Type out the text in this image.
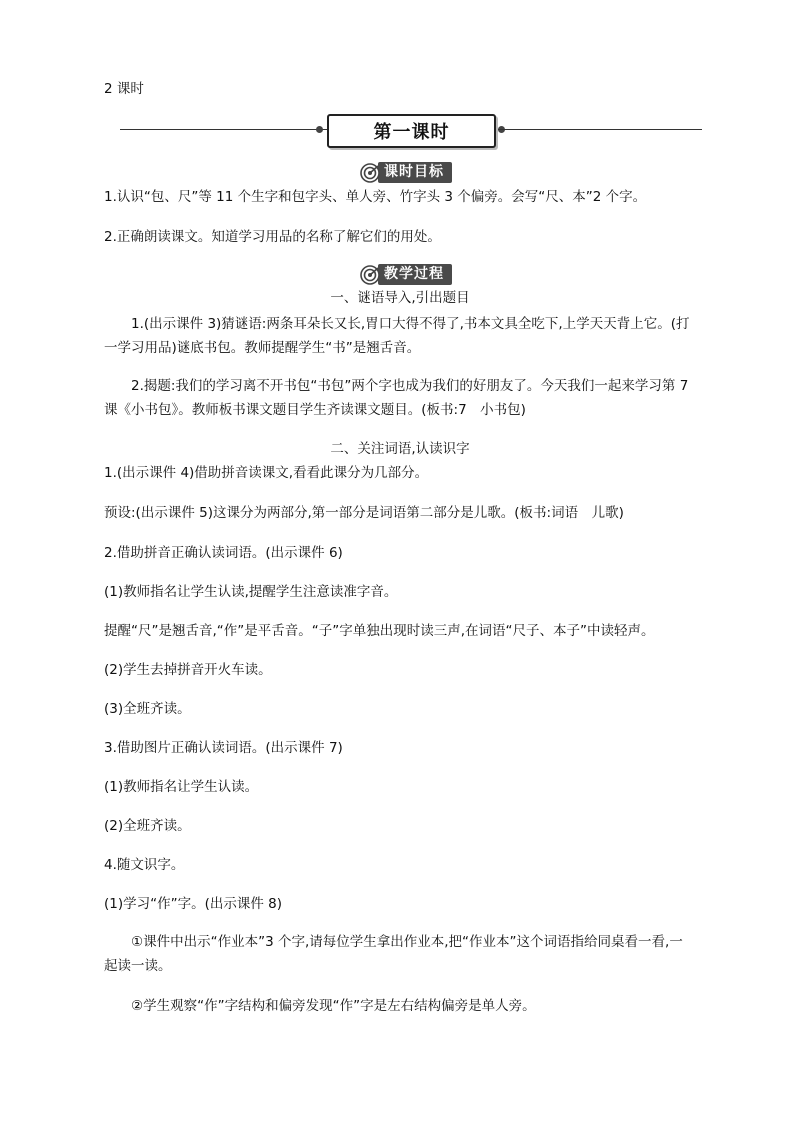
2 课时

第一课时
课时目标

1.认识“包、尺”等 11 个生字和包字头、单人旁、竹字头 3 个偏旁。会写“尺、本”2 个字。

2.正确朗读课文。知道学习用品的名称了解它们的用处。

教学过程

一、谜语导入,引出题目

1.(出示课件 3)猜谜语:两条耳朵长又长,胃口大得不得了,书本文具全吃下,上学天天背上它。(打一学习用品)谜底书包。教师提醒学生“书”是翘舌音。

2.揭题:我们的学习离不开书包“书包”两个字也成为我们的好朋友了。今天我们一起来学习第 7 课《小书包》。教师板书课文题目学生齐读课文题目。(板书:7　小书包)

二、关注词语,认读识字

1.(出示课件 4)借助拼音读课文,看看此课分为几部分。

预设:(出示课件 5)这课分为两部分,第一部分是词语第二部分是儿歌。(板书:词语　儿歌)

2.借助拼音正确认读词语。(出示课件 6)

(1)教师指名让学生认读,提醒学生注意读准字音。

提醒“尺”是翘舌音,“作”是平舌音。“子”字单独出现时读三声,在词语“尺子、本子”中读轻声。

(2)学生去掉拼音开火车读。

(3)全班齐读。

3.借助图片正确认读词语。(出示课件 7)

(1)教师指名让学生认读。

(2)全班齐读。

4.随文识字。

(1)学习“作”字。(出示课件 8)

①课件中出示“作业本”3 个字,请每位学生拿出作业本,把“作业本”这个词语指给同桌看一看,一起读一读。

②学生观察“作”字结构和偏旁发现“作”字是左右结构偏旁是单人旁。
